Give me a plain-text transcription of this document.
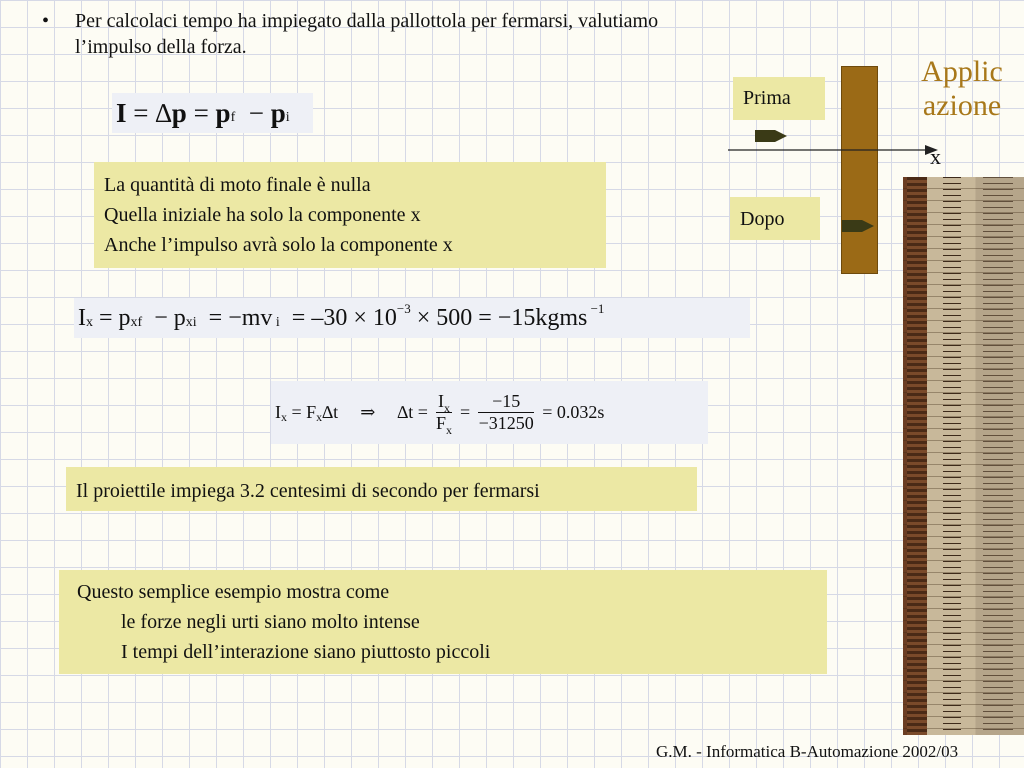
• Per calcolaci tempo ha impiegato dalla pallottola per fermarsi, valutiamo
l’impulso della forza.
Applic
azione
Prima
Dopo
x
I = ∆ p = p f − p i
La quantità di moto finale è nulla
Quella iniziale ha solo la componente x
Anche l’impulso avrà solo la componente x
I x = p xf − p xi = −mv i = –30 × 10 −3 × 500 = −15kgms −1
I x = F x ∆t ⇒ $\Delta t = \frac{I_x}{F_x} = \frac{-15}{-31250} = 0.032s$
Il proiettile impiega 3.2 centesimi di secondo per fermarsi
Questo semplice esempio mostra come
le forze negli urti siano molto intense
I tempi dell’interazione siano piuttosto piccoli
G.M. - Informatica B-Automazione 2002/03
